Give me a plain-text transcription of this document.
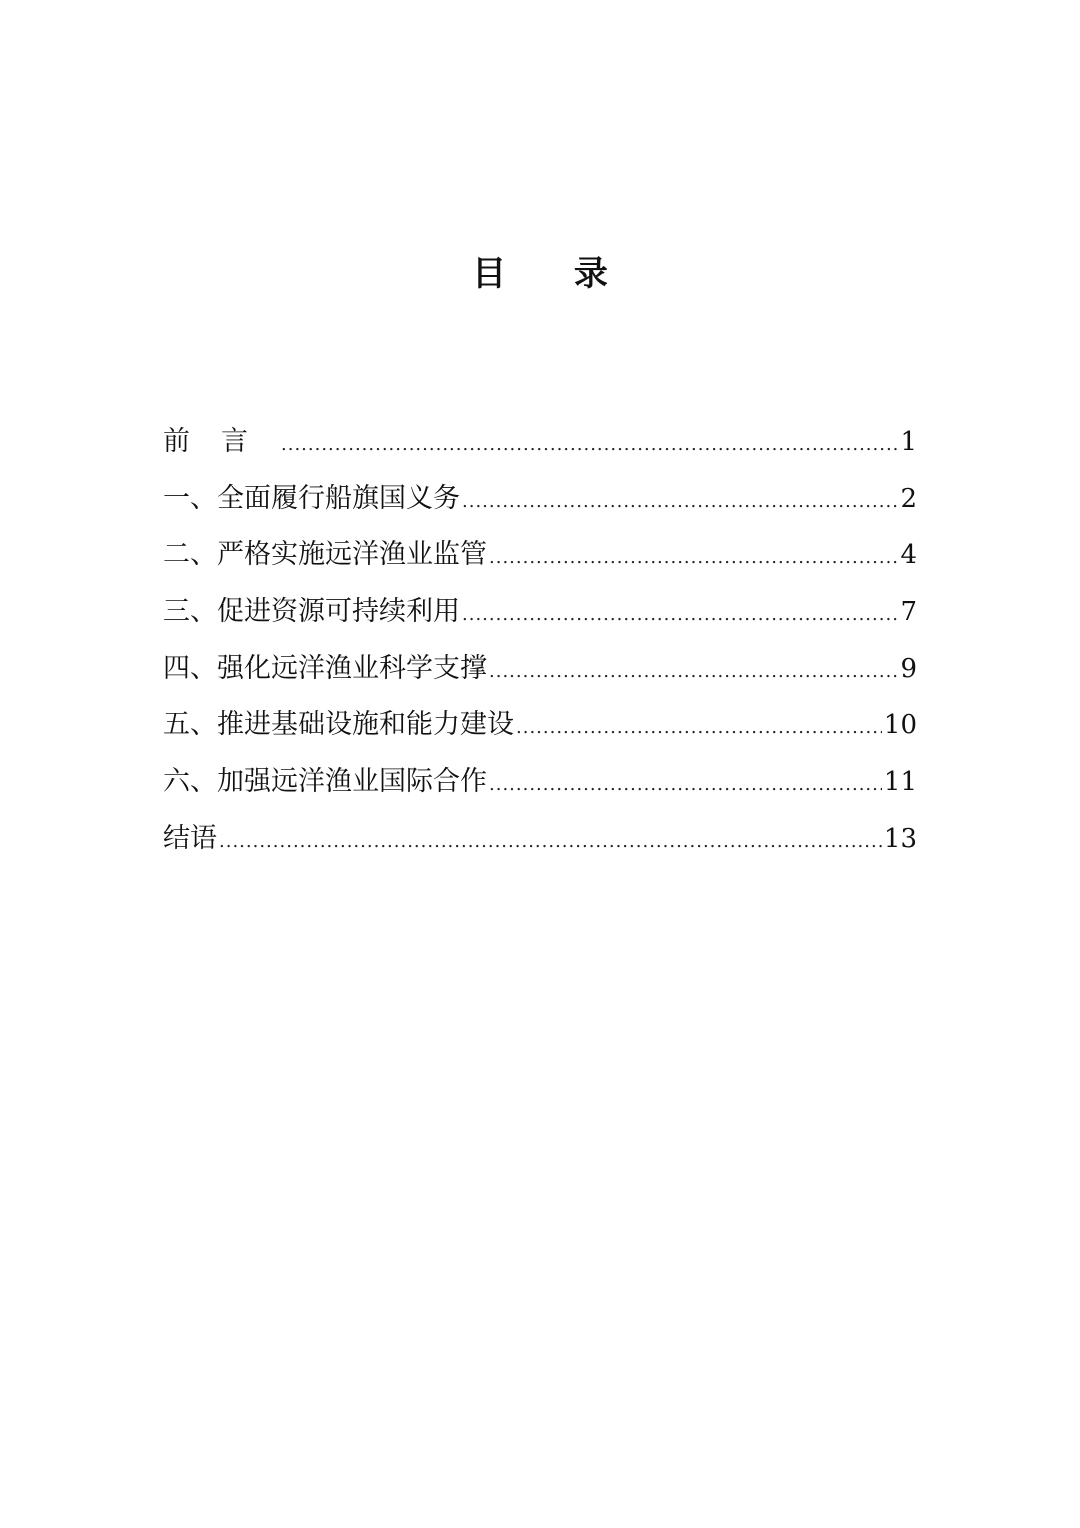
目 录
前言 .....	1
一、全面履行船旗国义务 .....	2
二、严格实施远洋渔业监管 .....	4
三、促进资源可持续利用 .....	7
四、强化远洋渔业科学支撑 .....	9
五、推进基础设施和能力建设 .....	10
六、加强远洋渔业国际合作 .....	11
结语 .....	13
